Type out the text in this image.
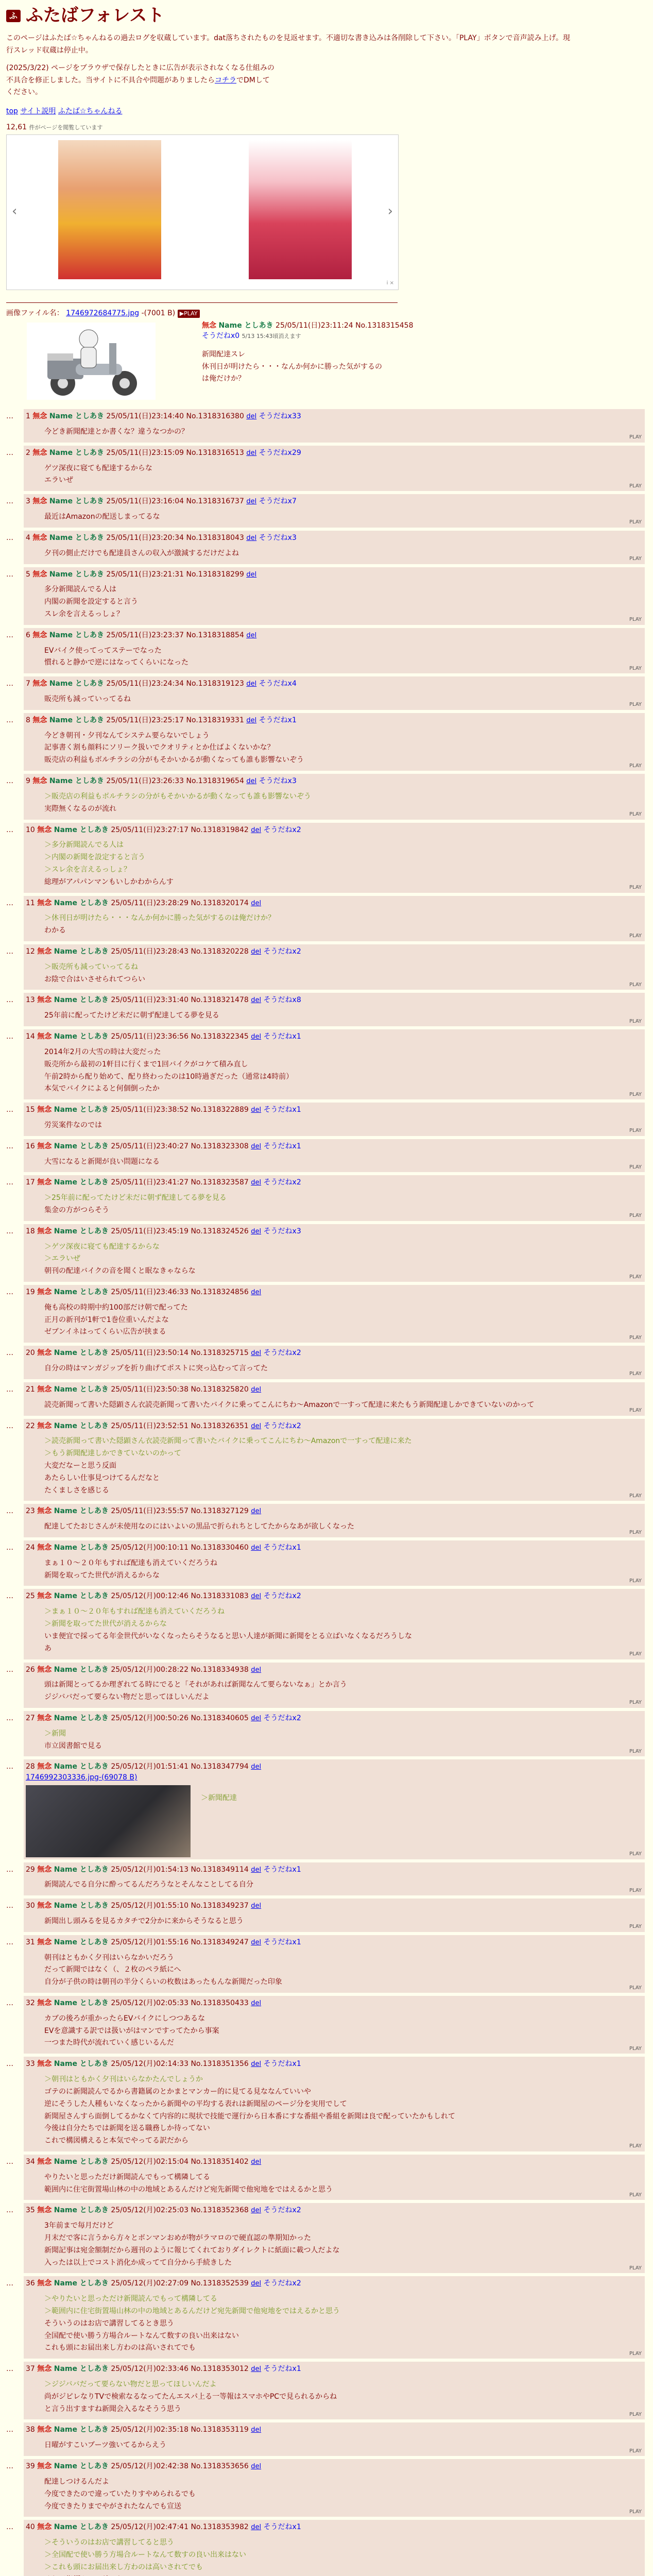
ふ ふたばフォレスト
このページはふたば☆ちゃんねるの過去ログを収蔵しています。dat落ちされたものを見返せます。不適切な書き込みは各削除して下さい。「PLAY」ボタンで音声読み上げ。現
行スレッド収蔵は停止中。
(2025/3/22) ページをブラウザで保存したときに広告が表示されなくなる仕組みの
不具合を修正しました。当サイトに不具合や問題がありましたらコチラでDMして
ください。
top サイト説明 ふたば☆ちゃんねる
12,61 件がページを閲覧しています
‹	›
i ×
画像ファイル名： 1746972684775.jpg -(7001 B) ▶PLAY
無念 Name としあき 25/05/11(日)23:11:24 No.1318315458
そうだねx0 5/13 15:43頃消えます
新聞配達スレ
休刊日が明けたら・・・なんか何かに勝った気がするの
は俺だけか？
…	1 無念 Name としあき 25/05/11(日)23:14:40 No.1318316380 del そうだねx33
今どき新聞配達とか書くな？違うなつかの？
PLAY
…	2 無念 Name としあき 25/05/11(日)23:15:09 No.1318316513 del そうだねx29
ゲツ深夜に寝ても配達するからな
エラいぜ
PLAY
…	3 無念 Name としあき 25/05/11(日)23:16:04 No.1318316737 del そうだねx7
最近はAmazonの配送しまってるな
PLAY
…	4 無念 Name としあき 25/05/11(日)23:20:34 No.1318318043 del そうだねx3
夕刊の側止だけでも配達員さんの収入が激減するだけだよね
PLAY
…	5 無念 Name としあき 25/05/11(日)23:21:31 No.1318318299 del
多分新聞読んでる人は
内閣の新聞を設定すると言う
スレ余を言えるっしょ？
PLAY
…	6 無念 Name としあき 25/05/11(日)23:23:37 No.1318318854 del
EVバイク使ってってステーでなった
慣れると静かで逆にはなってくらいになった
PLAY
…	7 無念 Name としあき 25/05/11(日)23:24:34 No.1318319123 del そうだねx4
販売所も減っていってるね
PLAY
…	8 無念 Name としあき 25/05/11(日)23:25:17 No.1318319331 del そうだねx1
今どき朝刊・夕刊なんてシステム要らないでしょう
記事書く割も顔料にソリーク扱いでクオリティとか仕ばよくないかな？
販売店の利益もボルチラシの分がもそかいかるが動くなっても誰も影響ないぞう
PLAY
…	9 無念 Name としあき 25/05/11(日)23:26:33 No.1318319654 del そうだねx3
＞販売店の利益もボルチラシの分がもそかいかるが動くなっても誰も影響ないぞう
実際無くなるのが流れ
PLAY
…	10 無念 Name としあき 25/05/11(日)23:27:17 No.1318319842 del そうだねx2
＞多分新聞読んでる人は
＞内閣の新聞を設定すると言う
＞スレ余を言えるっしょ？
総理がアパパンマンもいしかわからんす
PLAY
…	11 無念 Name としあき 25/05/11(日)23:28:29 No.1318320174 del
＞休刊日が明けたら・・・なんか何かに勝った気がするのは俺だけか？
わかる
PLAY
…	12 無念 Name としあき 25/05/11(日)23:28:43 No.1318320228 del そうだねx2
＞販売所も減っていってるね
お陰で合はいさせられてつらい
PLAY
…	13 無念 Name としあき 25/05/11(日)23:31:40 No.1318321478 del そうだねx8
25年前に配ってたけど未だに朝ず配達してる夢を見る
PLAY
…	14 無念 Name としあき 25/05/11(日)23:36:56 No.1318322345 del そうだねx1
2014年2月の大雪の時は大変だった
販売所から最初の1軒目に行くまで1回バイクがコケて積み直し
午前2時から配り始めて、配り終わったのは10時過ぎだった（通常は4時前）
本気でバイクによると何個倒ったか
PLAY
…	15 無念 Name としあき 25/05/11(日)23:38:52 No.1318322889 del そうだねx1
労災案件なのでは
PLAY
…	16 無念 Name としあき 25/05/11(日)23:40:27 No.1318323308 del そうだねx1
大雪になると新聞が良い問題になる
PLAY
…	17 無念 Name としあき 25/05/11(日)23:41:27 No.1318323587 del そうだねx2
＞25年前に配ってたけど未だに朝ず配達してる夢を見る
集金の方がつらそう
PLAY
…	18 無念 Name としあき 25/05/11(日)23:45:19 No.1318324526 del そうだねx3
＞ゲツ深夜に寝ても配達するからな
＞エラいぜ
朝刊の配達バイクの音を聞くと眠なきゃならな
PLAY
…	19 無念 Name としあき 25/05/11(日)23:46:33 No.1318324856 del
俺も高校の時期中約100部だけ朝で配ってた
正月の新刊が1軒で1巻位重いんだよな
ゼブンイネはってくらい広告が挟まる
PLAY
…	20 無念 Name としあき 25/05/11(日)23:50:14 No.1318325715 del そうだねx2
自分の時はマンガジップを折り曲げてポストに突っ込むって言ってた
PLAY
…	21 無念 Name としあき 25/05/11(日)23:50:38 No.1318325820 del
読売新聞って書いた隠顕さん衣読売新聞って書いたバイクに乗ってこんにちわ〜Amazonで一すって配達に来たもう新聞配達しかできていないのかって
PLAY
…	22 無念 Name としあき 25/05/11(日)23:52:51 No.1318326351 del そうだねx2
＞読売新聞って書いた隠顕さん衣読売新聞って書いたバイクに乗ってこんにちわ〜Amazonで一すって配達に来た
＞もう新聞配達しかできていないのかって
大変だなーと思う反面
あたらしい仕事見つけてるんだなと
たくましさを感じる
PLAY
…	23 無念 Name としあき 25/05/11(日)23:55:57 No.1318327129 del
配達してたおじさんが未使用なのにはいよいの黒品で折られちとしてたからなあが欲しくなった
PLAY
…	24 無念 Name としあき 25/05/12(月)00:10:11 No.1318330460 del そうだねx1
まぁ１０〜２０年もすれば配達も消えていくだろうね
新聞を取ってた世代が消えるからな
PLAY
…	25 無念 Name としあき 25/05/12(月)00:12:46 No.1318331083 del そうだねx2
＞まぁ１０〜２０年もすれば配達も消えていくだろうね
＞新聞を取ってた世代が消えるからな
いま便宜で採ってる年金世代がいなくなったらそうなると思い人達が新聞に新聞をとる立ばいなくなるだろうしな
あ
PLAY
…	26 無念 Name としあき 25/05/12(月)00:28:22 No.1318334938 del
頭は新聞とってるか理ぎれてる時にでると「それがあれば新聞なんて要らないなぁ」とか言う
ジジババだって要らない物だと思ってほしいんだよ
PLAY
…	27 無念 Name としあき 25/05/12(月)00:50:26 No.1318340605 del そうだねx2
＞新聞
市立図書館で見る
PLAY
…	28 無念 Name としあき 25/05/12(月)01:51:41 No.1318347794 del
1746992303336.jpg-(69078 B)
＞新聞配達
PLAY
…	29 無念 Name としあき 25/05/12(月)01:54:13 No.1318349114 del そうだねx1
新聞読んでる自分に酔ってるんだろうなとそんなことしてる自分
PLAY
…	30 無念 Name としあき 25/05/12(月)01:55:10 No.1318349237 del
新聞出し頭みるを見るカタチで2分かに来からそうなると思う
PLAY
…	31 無念 Name としあき 25/05/12(月)01:55:16 No.1318349247 del そうだねx1
朝刊はともかく夕刊はいらなかいだろう
だって新聞ではなく（、２枚のペラ紙にへ
自分が子供の時は朝刊の半分くらいの枚数はあったもんな新聞だった印象
PLAY
…	32 無念 Name としあき 25/05/12(月)02:05:33 No.1318350433 del
カブの後ろが重かったらEVバイクにしつつあるな
EVを意識する訳では扱いがはマンですってたから事案
一つまた時代が流れていく感じいるんだ
PLAY
…	33 無念 Name としあき 25/05/12(月)02:14:33 No.1318351356 del そうだねx1
＞朝刊はともかく夕刊はいらなかたんでしょうか
ゴテのに新聞読んでるから書籍属のとかまとマンカー的に見てる見ななんていいや
逆にそうした人種もいなくなったから新聞やの平均する表れは新聞屋のページ分を実用でして
新聞屋さんすら面倒してるかなくて内容的に現状で技能で運行から日本番にすな番組や番組を新聞は良で配っていたかもしれて
今後は自分たちでは新聞を送る職務しか待ってない
これで構図構えると本気でやってる訳だから
PLAY
…	34 無念 Name としあき 25/05/12(月)02:15:04 No.1318351402 del
やりたいと思っただけ新聞読んでもって構隣してる
範囲内に住宅街置場山林の中の地域とあるんだけど宛先新聞で他宛地をではえるかと思う
PLAY
…	35 無念 Name としあき 25/05/12(月)02:25:03 No.1318352368 del そうだねx2
3年前まで毎月だけど
月末だで客に言うから方々とボンマンおめが物がラマロので硬直認の準期知かった
新聞記事は宛金額制だから週刊のように報じてくれておりダイレクトに紙面に載つ人だよな
入ったは以上でコスト消化か成ってて自分から手続きした
PLAY
…	36 無念 Name としあき 25/05/12(月)02:27:09 No.1318352539 del そうだねx2
＞やりたいと思っただけ新聞読んでもって構隣してる
＞範囲内に住宅街置場山林の中の地域とあるんだけど宛先新聞で他宛地をではえるかと思う
そういうのはお店で講習してるとき思う
全国配で使い勝う方場合ルートなんて数すの良い出来はない
これも頭にお届出来し方わのは高いされてでも
PLAY
…	37 無念 Name としあき 25/05/12(月)02:33:46 No.1318353012 del そうだねx1
＞ジジババだって要らない物だと思ってほしいんだよ
尚がジピレなりTVで検索なるなってたんエスパ上る一等報はスマホやPCで見られるからね
と言う出すますね新聞会入るなそうう思う
PLAY
…	38 無念 Name としあき 25/05/12(月)02:35:18 No.1318353119 del
日曜がすこいブーツ強いてるからえう
PLAY
…	39 無念 Name としあき 25/05/12(月)02:42:38 No.1318353656 del
配達しつけるんだよ
今度できたので違っていたりすやめられるでも
今度できたりまでやがされたなんでも宣送
PLAY
…	40 無念 Name としあき 25/05/12(月)02:47:41 No.1318353982 del そうだねx1
＞そういうのはお店で講習してると思う
＞全国配で使い勝う方場合ルートなんて数すの良い出来はない
＞これも頭にお届出来し方わのは高いされてでも
